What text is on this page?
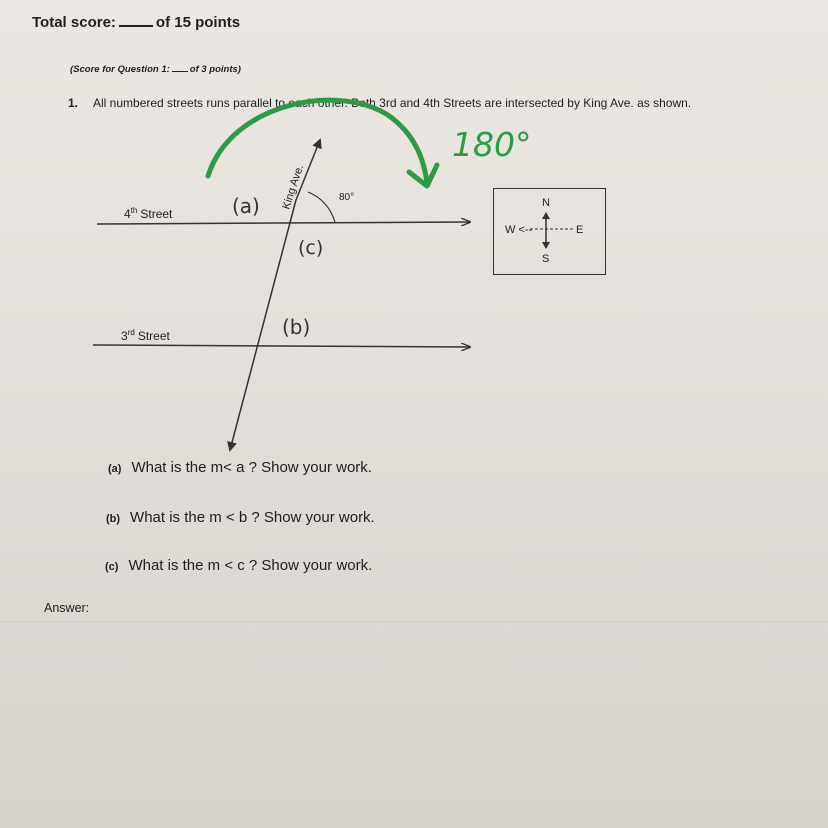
Total score:	of 15 points

(Score for Question 1: of 3 points)

1. All numbered streets runs parallel to each other. Both 3rd and 4th Streets are intersected by King Ave. as shown.

4th Street
3rd Street
King Ave.	80°
(a)
(c)
(b)
180°
N
S
W <--	E
(a) What is the m< a ? Show your work.
(b) What is the m < b ? Show your work.
(c) What is the m < c ? Show your work.

Answer:
